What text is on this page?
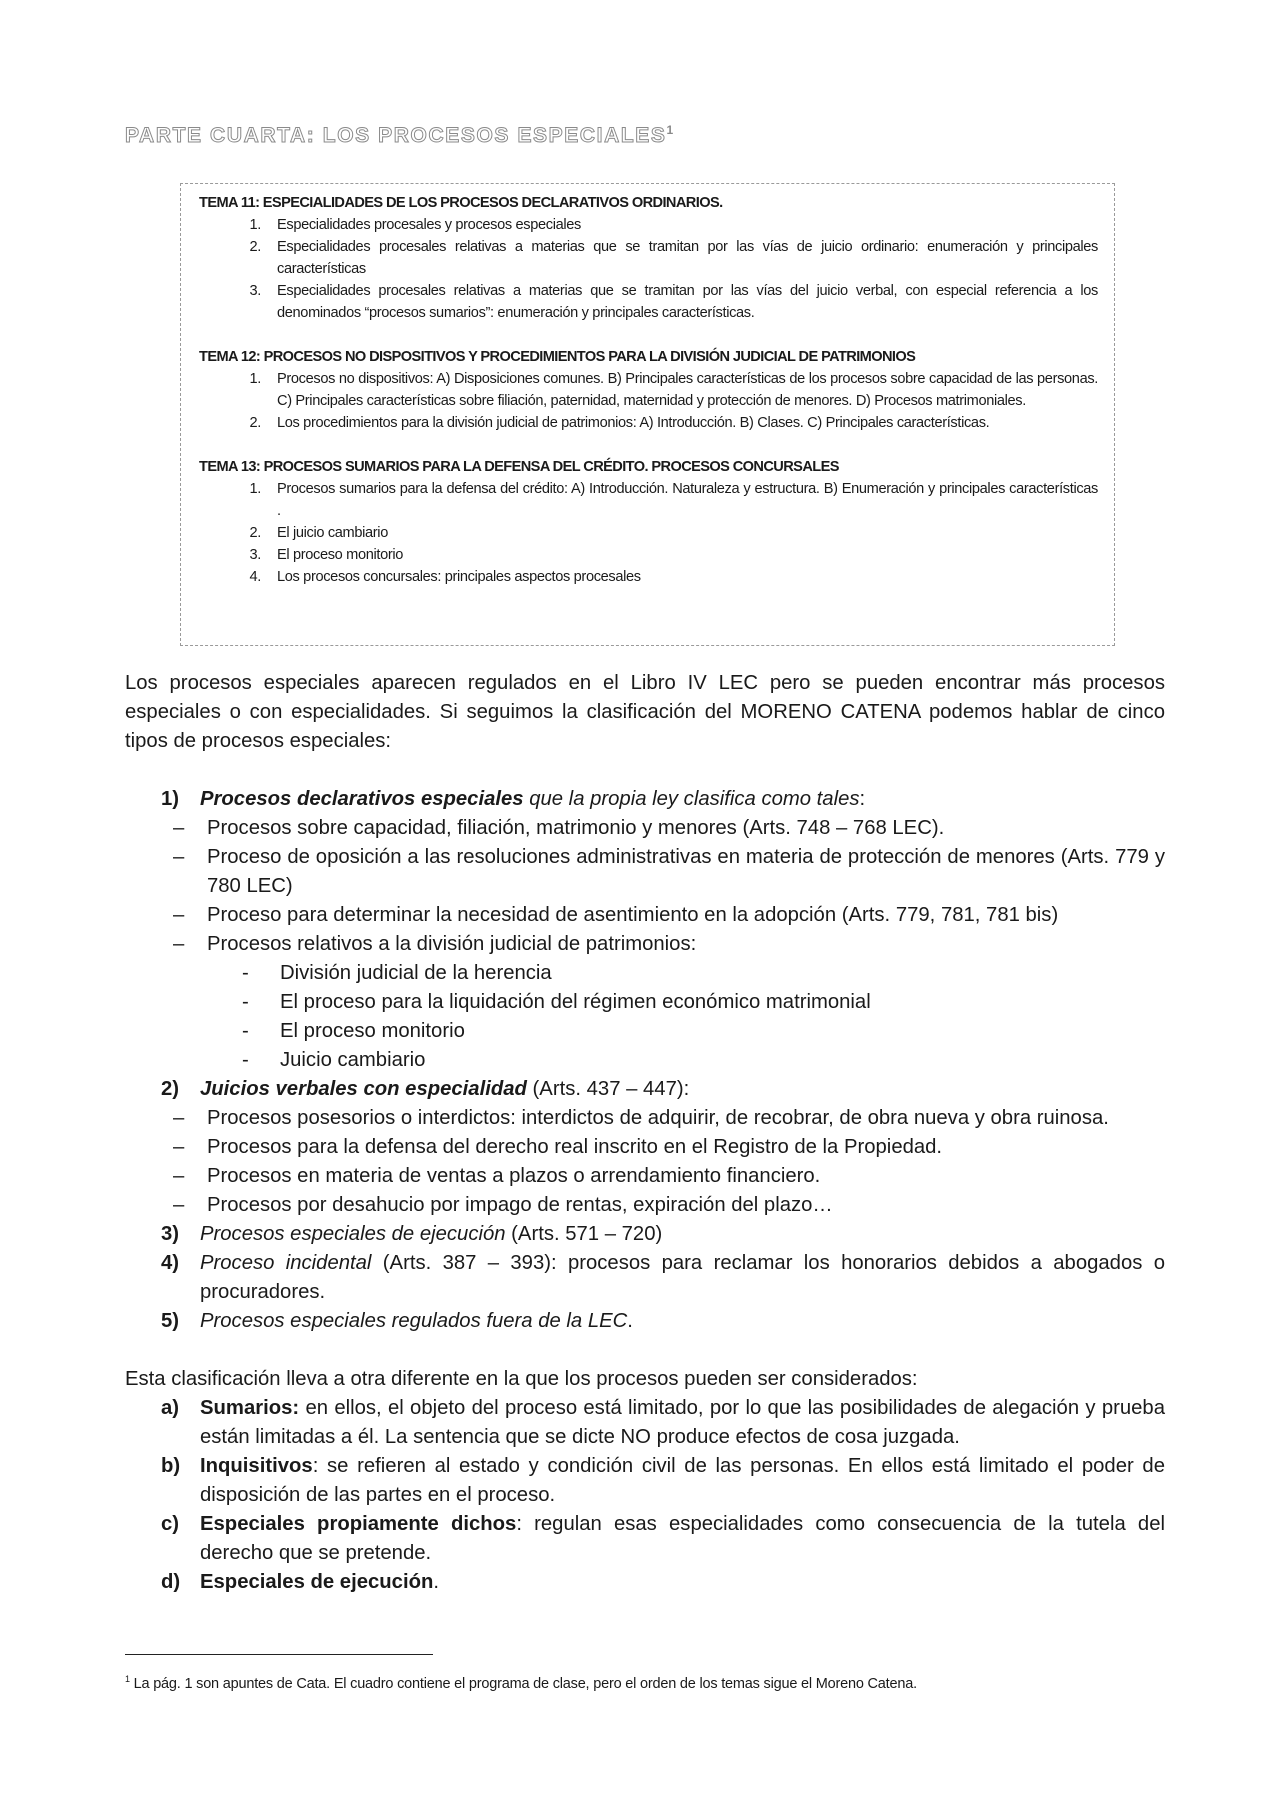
PARTE CUARTA: LOS PROCESOS ESPECIALES$^1$
TEMA 11: ESPECIALIDADES DE LOS PROCESOS DECLARATIVOS ORDINARIOS.
1.	Especialidades procesales y procesos especiales
2.	Especialidades procesales relativas a materias que se tramitan por las vías de juicio ordinario: enumeración y principales características
3.	Especialidades procesales relativas a materias que se tramitan por las vías del juicio verbal, con especial referencia a los denominados “procesos sumarios”: enumeración y principales características.
TEMA 12: PROCESOS NO DISPOSITIVOS Y PROCEDIMIENTOS PARA LA DIVISIÓN JUDICIAL DE PATRIMONIOS
1.	Procesos no dispositivos: A) Disposiciones comunes. B) Principales características de los procesos sobre capacidad de las personas. C) Principales características sobre filiación, paternidad, maternidad y protección de menores. D) Procesos matrimoniales.
2.	Los procedimientos para la división judicial de patrimonios: A) Introducción. B) Clases. C) Principales características.
TEMA 13: PROCESOS SUMARIOS PARA LA DEFENSA DEL CRÉDITO. PROCESOS CONCURSALES
1.	Procesos sumarios para la defensa del crédito: A) Introducción. Naturaleza y estructura. B) Enumeración y principales características .
2.	El juicio cambiario
3.	El proceso monitorio
4.	Los procesos concursales: principales aspectos procesales
Los procesos especiales aparecen regulados en el Libro IV LEC pero se pueden encontrar más procesos especiales o con especialidades. Si seguimos la clasificación del MORENO CATENA podemos hablar de cinco tipos de procesos especiales:
1)	Procesos declarativos especiales que la propia ley clasifica como tales:
–	Procesos sobre capacidad, filiación, matrimonio y menores (Arts. 748 – 768 LEC).
–	Proceso de oposición a las resoluciones administrativas en materia de protección de menores (Arts. 779 y 780 LEC)
–	Proceso para determinar la necesidad de asentimiento en la adopción (Arts. 779, 781, 781 bis)
–	Procesos relativos a la división judicial de patrimonios:
-	División judicial de la herencia
-	El proceso para la liquidación del régimen económico matrimonial
-	El proceso monitorio
-	Juicio cambiario
2)	Juicios verbales con especialidad (Arts. 437 – 447):
–	Procesos posesorios o interdictos: interdictos de adquirir, de recobrar, de obra nueva y obra ruinosa.
–	Procesos para la defensa del derecho real inscrito en el Registro de la Propiedad.
–	Procesos en materia de ventas a plazos o arrendamiento financiero.
–	Procesos por desahucio por impago de rentas, expiración del plazo…
3)	Procesos especiales de ejecución (Arts. 571 – 720)
4)	Proceso incidental (Arts. 387 – 393): procesos para reclamar los honorarios debidos a abogados o procuradores.
5)	Procesos especiales regulados fuera de la LEC.
Esta clasificación lleva a otra diferente en la que los procesos pueden ser considerados:
a)	Sumarios: en ellos, el objeto del proceso está limitado, por lo que las posibilidades de alegación y prueba están limitadas a él. La sentencia que se dicte NO produce efectos de cosa juzgada.
b) Inquisitivos: se refieren al estado y condición civil de las personas. En ellos está limitado el poder de disposición de las partes en el proceso.
c)	Especiales propiamente dichos: regulan esas especialidades como consecuencia de la tutela del derecho que se pretende.
d) Especiales de ejecución.
$^1$ La pág. 1 son apuntes de Cata. El cuadro contiene el programa de clase, pero el orden de los temas sigue el Moreno Catena.
